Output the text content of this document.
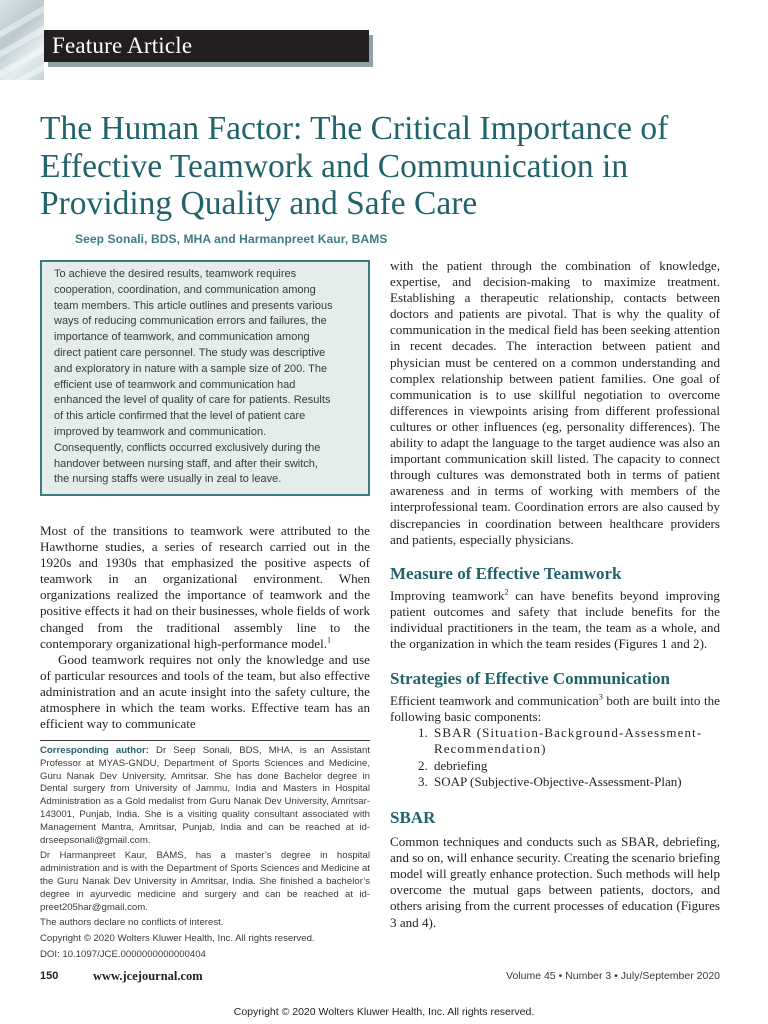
Feature Article
The Human Factor: The Critical Importance of
Effective Teamwork and Communication in
Providing Quality and Safe Care
Seep Sonali, BDS, MHA and Harmanpreet Kaur, BAMS
To achieve the desired results, teamwork requires
cooperation, coordination, and communication among
team members. This article outlines and presents various
ways of reducing communication errors and failures, the
importance of teamwork, and communication among
direct patient care personnel. The study was descriptive
and exploratory in nature with a sample size of 200. The
efficient use of teamwork and communication had
enhanced the level of quality of care for patients. Results
of this article confirmed that the level of patient care
improved by teamwork and communication.
Consequently, conflicts occurred exclusively during the
handover between nursing staff, and after their switch,
the nursing staffs were usually in zeal to leave.

Most of the transitions to teamwork were attributed to the Hawthorne studies, a series of research carried out in the 1920s and 1930s that emphasized the positive aspects of teamwork in an organizational environment. When organizations realized the importance of teamwork and the positive effects it had on their businesses, whole fields of work changed from the traditional assembly line to the contemporary organizational high-performance model.$^1$

Good teamwork requires not only the knowledge and use of particular resources and tools of the team, but also effective administration and an acute insight into the safety culture, the atmosphere in which the team works. Effective team has an efficient way to communicate

Corresponding author: Dr Seep Sonali, BDS, MHA, is an Assistant Professor at MYAS-GNDU, Department of Sports Sciences and Medicine, Guru Nanak Dev University, Amritsar. She has done Bachelor degree in Dental surgery from University of Jammu, India and Masters in Hospital Administration as a Gold medalist from Guru Nanak Dev University, Amritsar-143001, Punjab, India. She is a visiting quality consultant associated with Management Mantra, Amritsar, Punjab, India and can be reached at id-drseepsonali@gmail.com.

Dr Harmanpreet Kaur, BAMS, has a master’s degree in hospital administration and is with the Department of Sports Sciences and Medicine at the Guru Nanak Dev University in Amritsar, India. She finished a bachelor’s degree in ayurvedic medicine and surgery and can be reached at id-preet205har@gmail.com.

The authors declare no conflicts of interest.

Copyright © 2020 Wolters Kluwer Health, Inc. All rights reserved.

DOI: 10.1097/JCE.0000000000000404

with the patient through the combination of knowledge, expertise, and decision-making to maximize treatment. Establishing a therapeutic relationship, contacts between doctors and patients are pivotal. That is why the quality of communication in the medical field has been seeking attention in recent decades. The interaction between patient and physician must be centered on a common understanding and complex relationship between patient families. One goal of communication is to use skillful negotiation to overcome differences in viewpoints arising from different professional cultures or other influences (eg, personality differences). The ability to adapt the language to the target audience was also an important communication skill listed. The capacity to connect through cultures was demonstrated both in terms of patient awareness and in terms of working with members of the interprofessional team. Coordination errors are also caused by discrepancies in coordination between healthcare providers and patients, especially physicians.

Measure of Effective Teamwork

Improving teamwork$^2$ can have benefits beyond improving patient outcomes and safety that include benefits for the individual practitioners in the team, the team as a whole, and the organization in which the team resides (Figures 1 and 2).

Strategies of Effective Communication

Efficient teamwork and communication$^3$ both are built into the following basic components:

1. SBAR (Situation-Background-Assessment-Recommendation)
2. debriefing
3. SOAP (Subjective-Objective-Assessment-Plan)
SBAR

Common techniques and conducts such as SBAR, debriefing, and so on, will enhance security. Creating the scenario briefing model will greatly enhance protection. Such methods will help overcome the mutual gaps between patients, doctors, and others arising from the current processes of education (Figures 3 and 4).

150	www.jcejournal.com	Volume 45 • Number 3 • July/September 2020
Copyright © 2020 Wolters Kluwer Health, Inc. All rights reserved.
